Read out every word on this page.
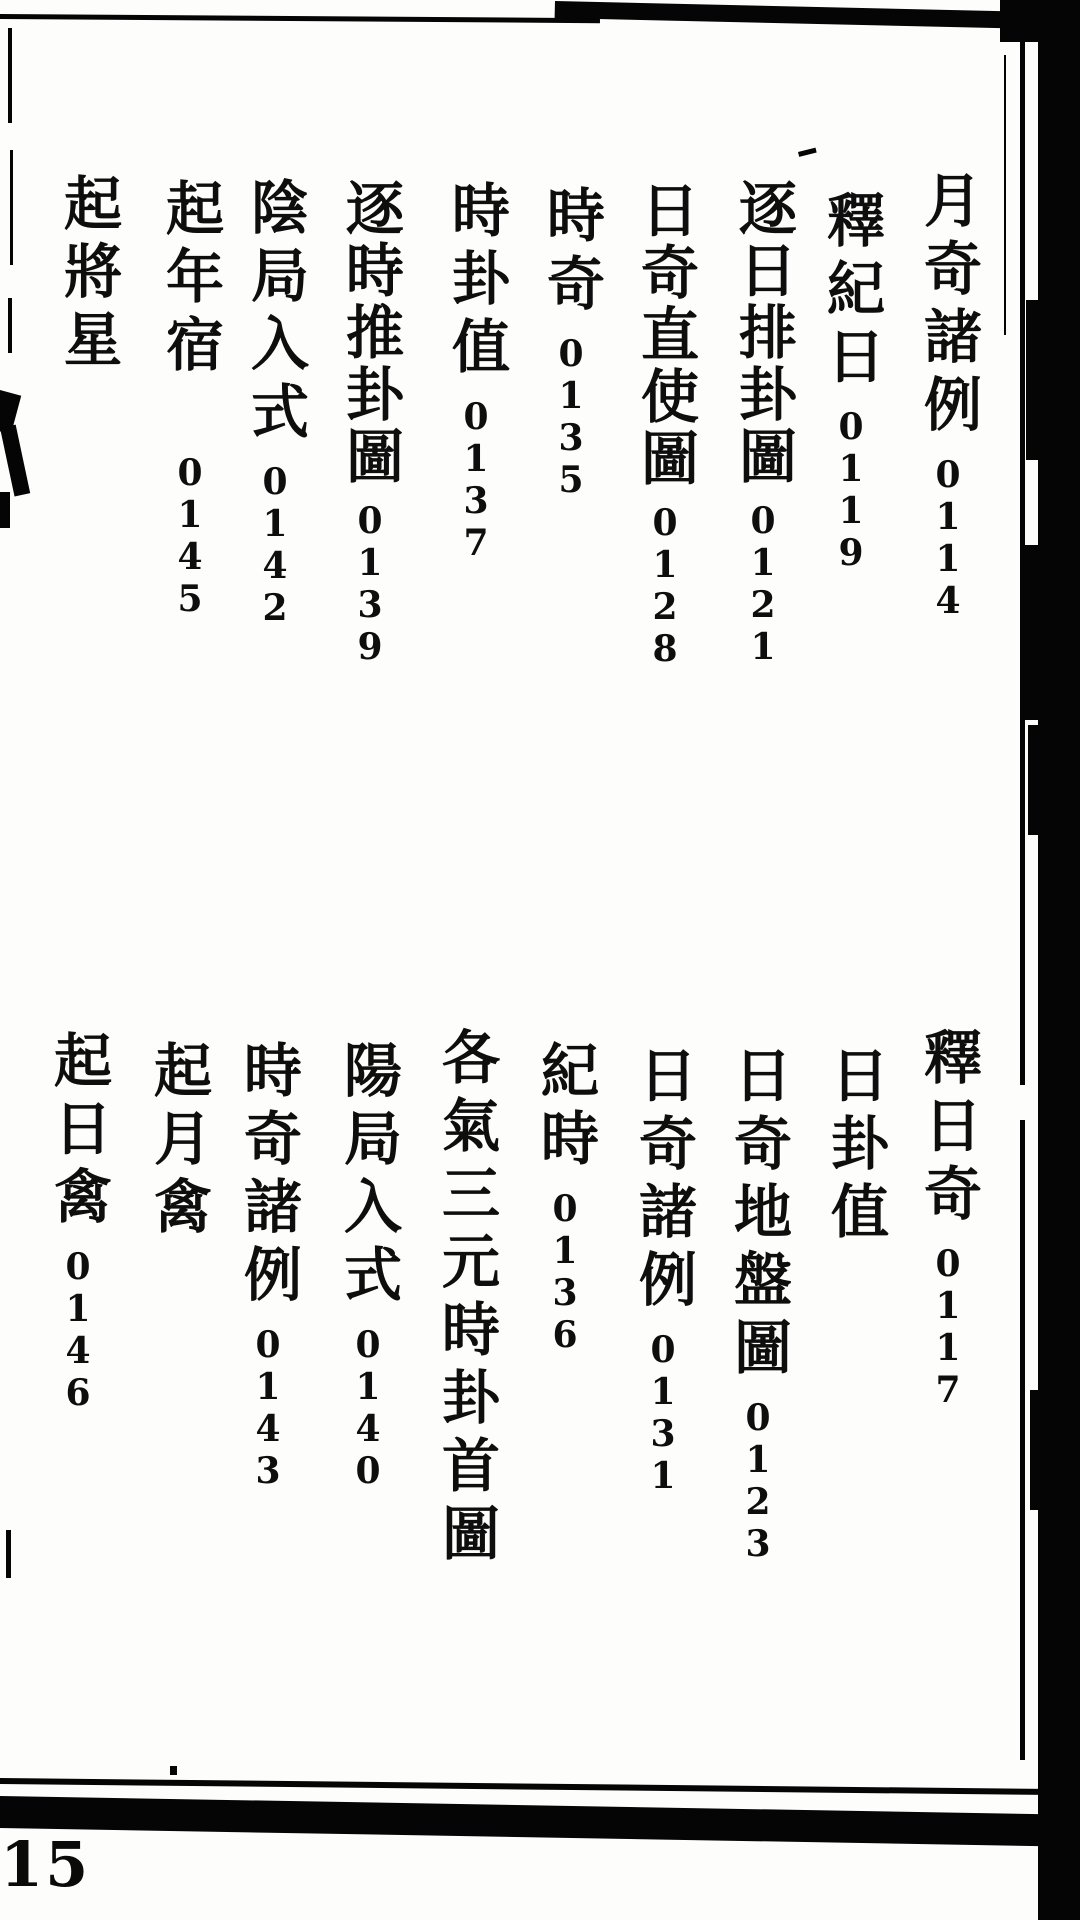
月奇諸例0114
釋紀日0119
逐日排卦圖0121
日奇直使圖0128
時奇0135
時卦值0137
逐時推卦圖0139
陰局入式0142
起年宿0145
起將星
釋日奇0117
日卦值
日奇地盤圖0123
日奇諸例0131
紀時0136
各氣三元時卦首圖
陽局入式0140
時奇諸例0143
起月禽
起日禽0146
15
